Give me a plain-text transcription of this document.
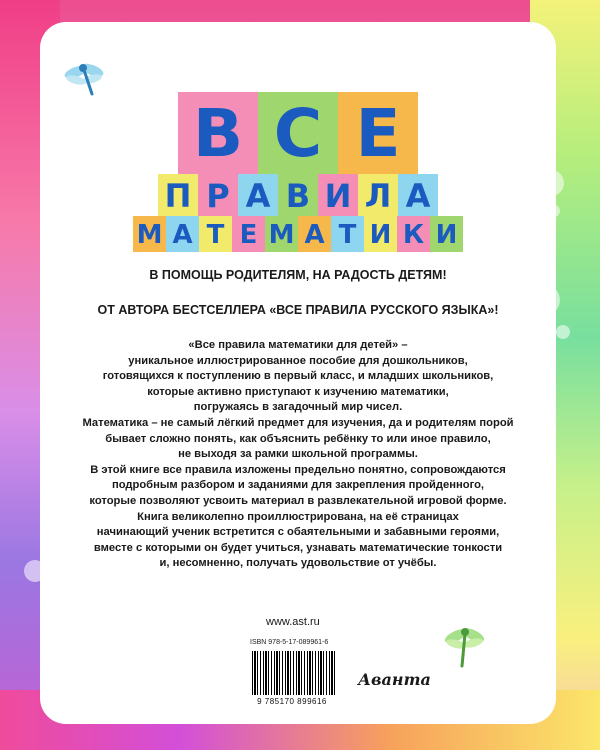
В С Е
П Р А В И Л А
М А Т Е М А Т И К И
В ПОМОЩЬ РОДИТЕЛЯМ, НА РАДОСТЬ ДЕТЯМ!
ОТ АВТОРА БЕСТСЕЛЛЕРА «ВСЕ ПРАВИЛА РУССКОГО ЯЗЫКА»!
«Все правила математики для детей» –
уникальное иллюстрированное пособие для дошкольников,
готовящихся к поступлению в первый класс, и младших школьников,
которые активно приступают к изучению математики,
погружаясь в загадочный мир чисел.
Математика – не самый лёгкий предмет для изучения, да и родителям порой
бывает сложно понять, как объяснить ребёнку то или иное правило,
не выходя за рамки школьной программы.
В этой книге все правила изложены предельно понятно, сопровождаются
подробным разбором и заданиями для закрепления пройденного,
которые позволяют усвоить материал в развлекательной игровой форме.
Книга великолепно проиллюстрирована, на её страницах
начинающий ученик встретится с обаятельными и забавными героями,
вместе с которыми он будет учиться, узнавать математические тонкости
и, несомненно, получать удовольствие от учёбы.
www.ast.ru
ISBN 978-5-17-089961-6
9 785170 899616
Аванта
